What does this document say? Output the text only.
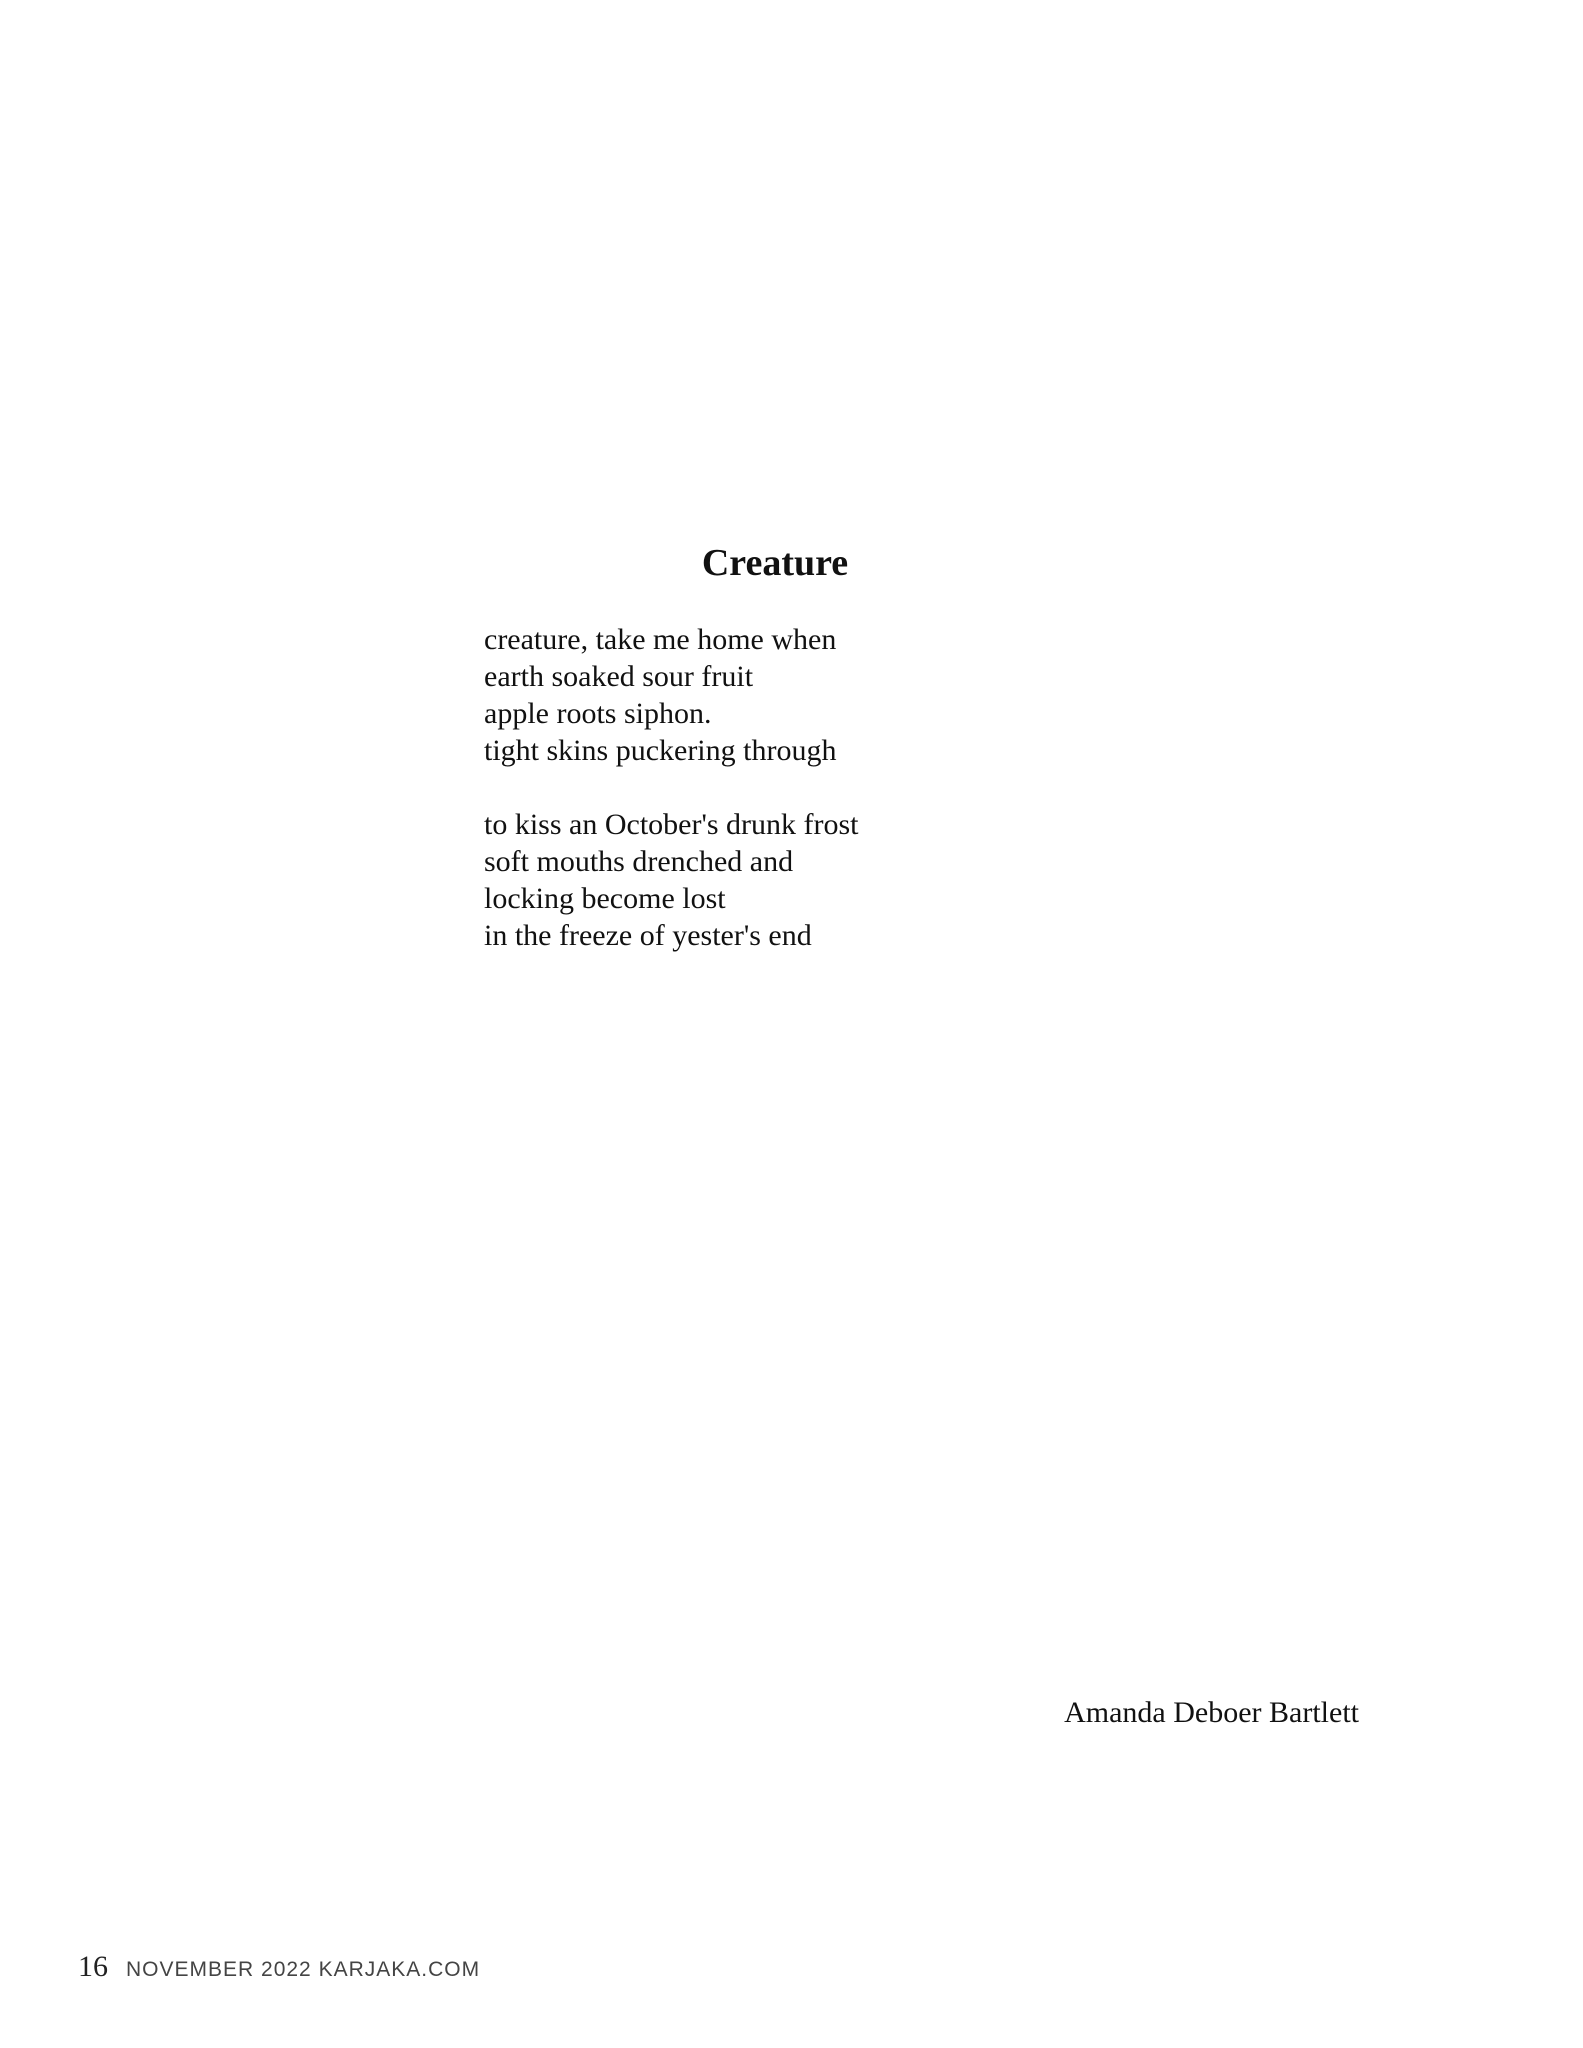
Creature
creature, take me home when
earth soaked sour fruit
apple roots siphon.
tight skins puckering through
to kiss an October's drunk frost
soft mouths drenched and
locking become lost
in the freeze of yester's end
Amanda Deboer Bartlett
16 NOVEMBER 2022 KARJAKA.COM
